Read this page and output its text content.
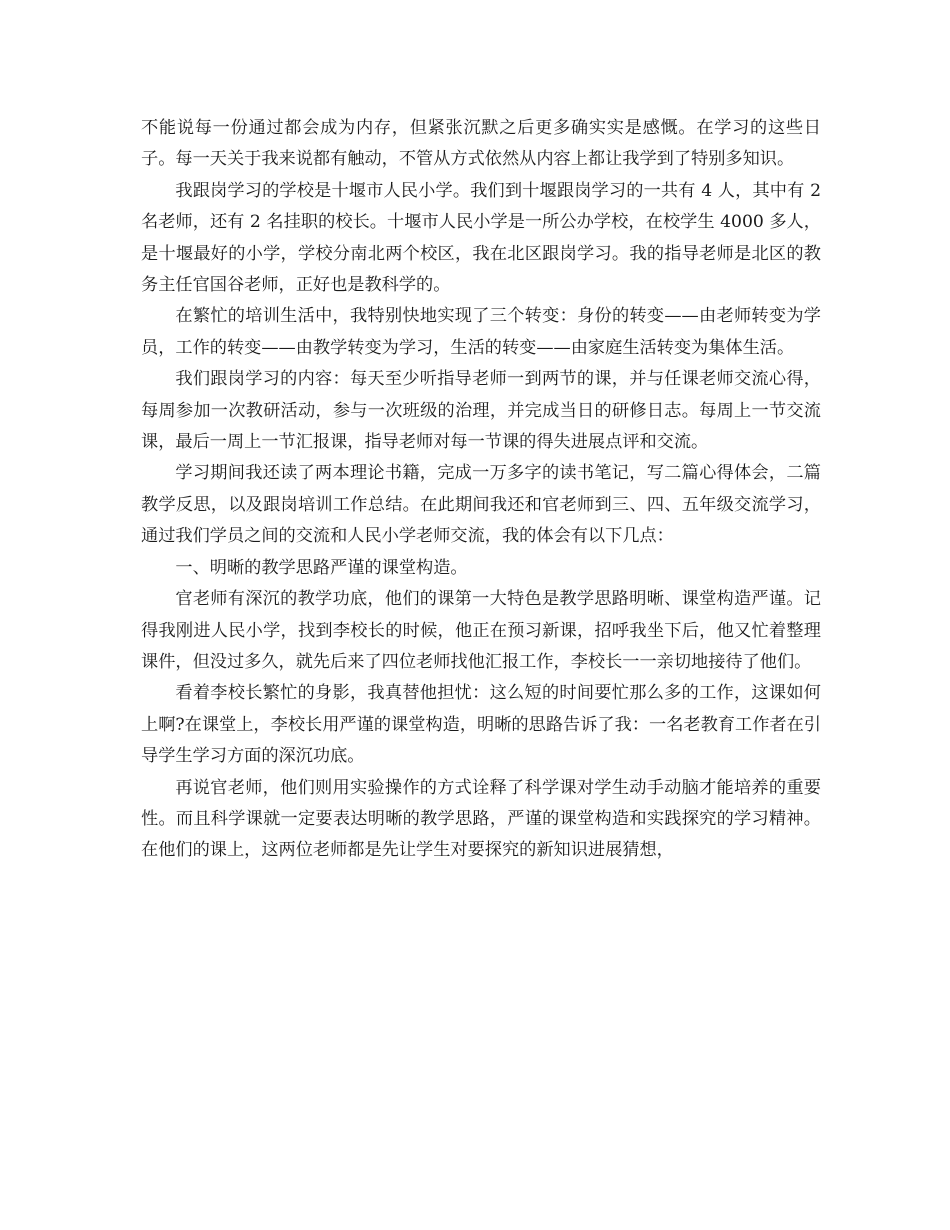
不能说每一份通过都会成为内存，但紧张沉默之后更多确实实是感慨。在学习的这些日子。每一天关于我来说都有触动，不管从方式依然从内容上都让我学到了特别多知识。

我跟岗学习的学校是十堰市人民小学。我们到十堰跟岗学习的一共有 4 人，其中有 2 名老师，还有 2 名挂职的校长。十堰市人民小学是一所公办学校，在校学生 4000 多人，是十堰最好的小学，学校分南北两个校区，我在北区跟岗学习。我的指导老师是北区的教务主任官国谷老师，正好也是教科学的。

在繁忙的培训生活中，我特别快地实现了三个转变：身份的转变——由老师转变为学员，工作的转变——由教学转变为学习，生活的转变——由家庭生活转变为集体生活。

我们跟岗学习的内容：每天至少听指导老师一到两节的课，并与任课老师交流心得，每周参加一次教研活动，参与一次班级的治理，并完成当日的研修日志。每周上一节交流课，最后一周上一节汇报课，指导老师对每一节课的得失进展点评和交流。

学习期间我还读了两本理论书籍，完成一万多字的读书笔记，写二篇心得体会，二篇教学反思，以及跟岗培训工作总结。在此期间我还和官老师到三、四、五年级交流学习，通过我们学员之间的交流和人民小学老师交流，我的体会有以下几点：

一、明晰的教学思路严谨的课堂构造。

官老师有深沉的教学功底，他们的课第一大特色是教学思路明晰、课堂构造严谨。记得我刚进人民小学，找到李校长的时候，他正在预习新课，招呼我坐下后，他又忙着整理课件，但没过多久，就先后来了四位老师找他汇报工作，李校长一一亲切地接待了他们。

看着李校长繁忙的身影，我真替他担忧：这么短的时间要忙那么多的工作，这课如何上啊?在课堂上，李校长用严谨的课堂构造，明晰的思路告诉了我：一名老教育工作者在引导学生学习方面的深沉功底。

再说官老师，他们则用实验操作的方式诠释了科学课对学生动手动脑才能培养的重要性。而且科学课就一定要表达明晰的教学思路，严谨的课堂构造和实践探究的学习精神。在他们的课上，这两位老师都是先让学生对要探究的新知识进展猜想，
